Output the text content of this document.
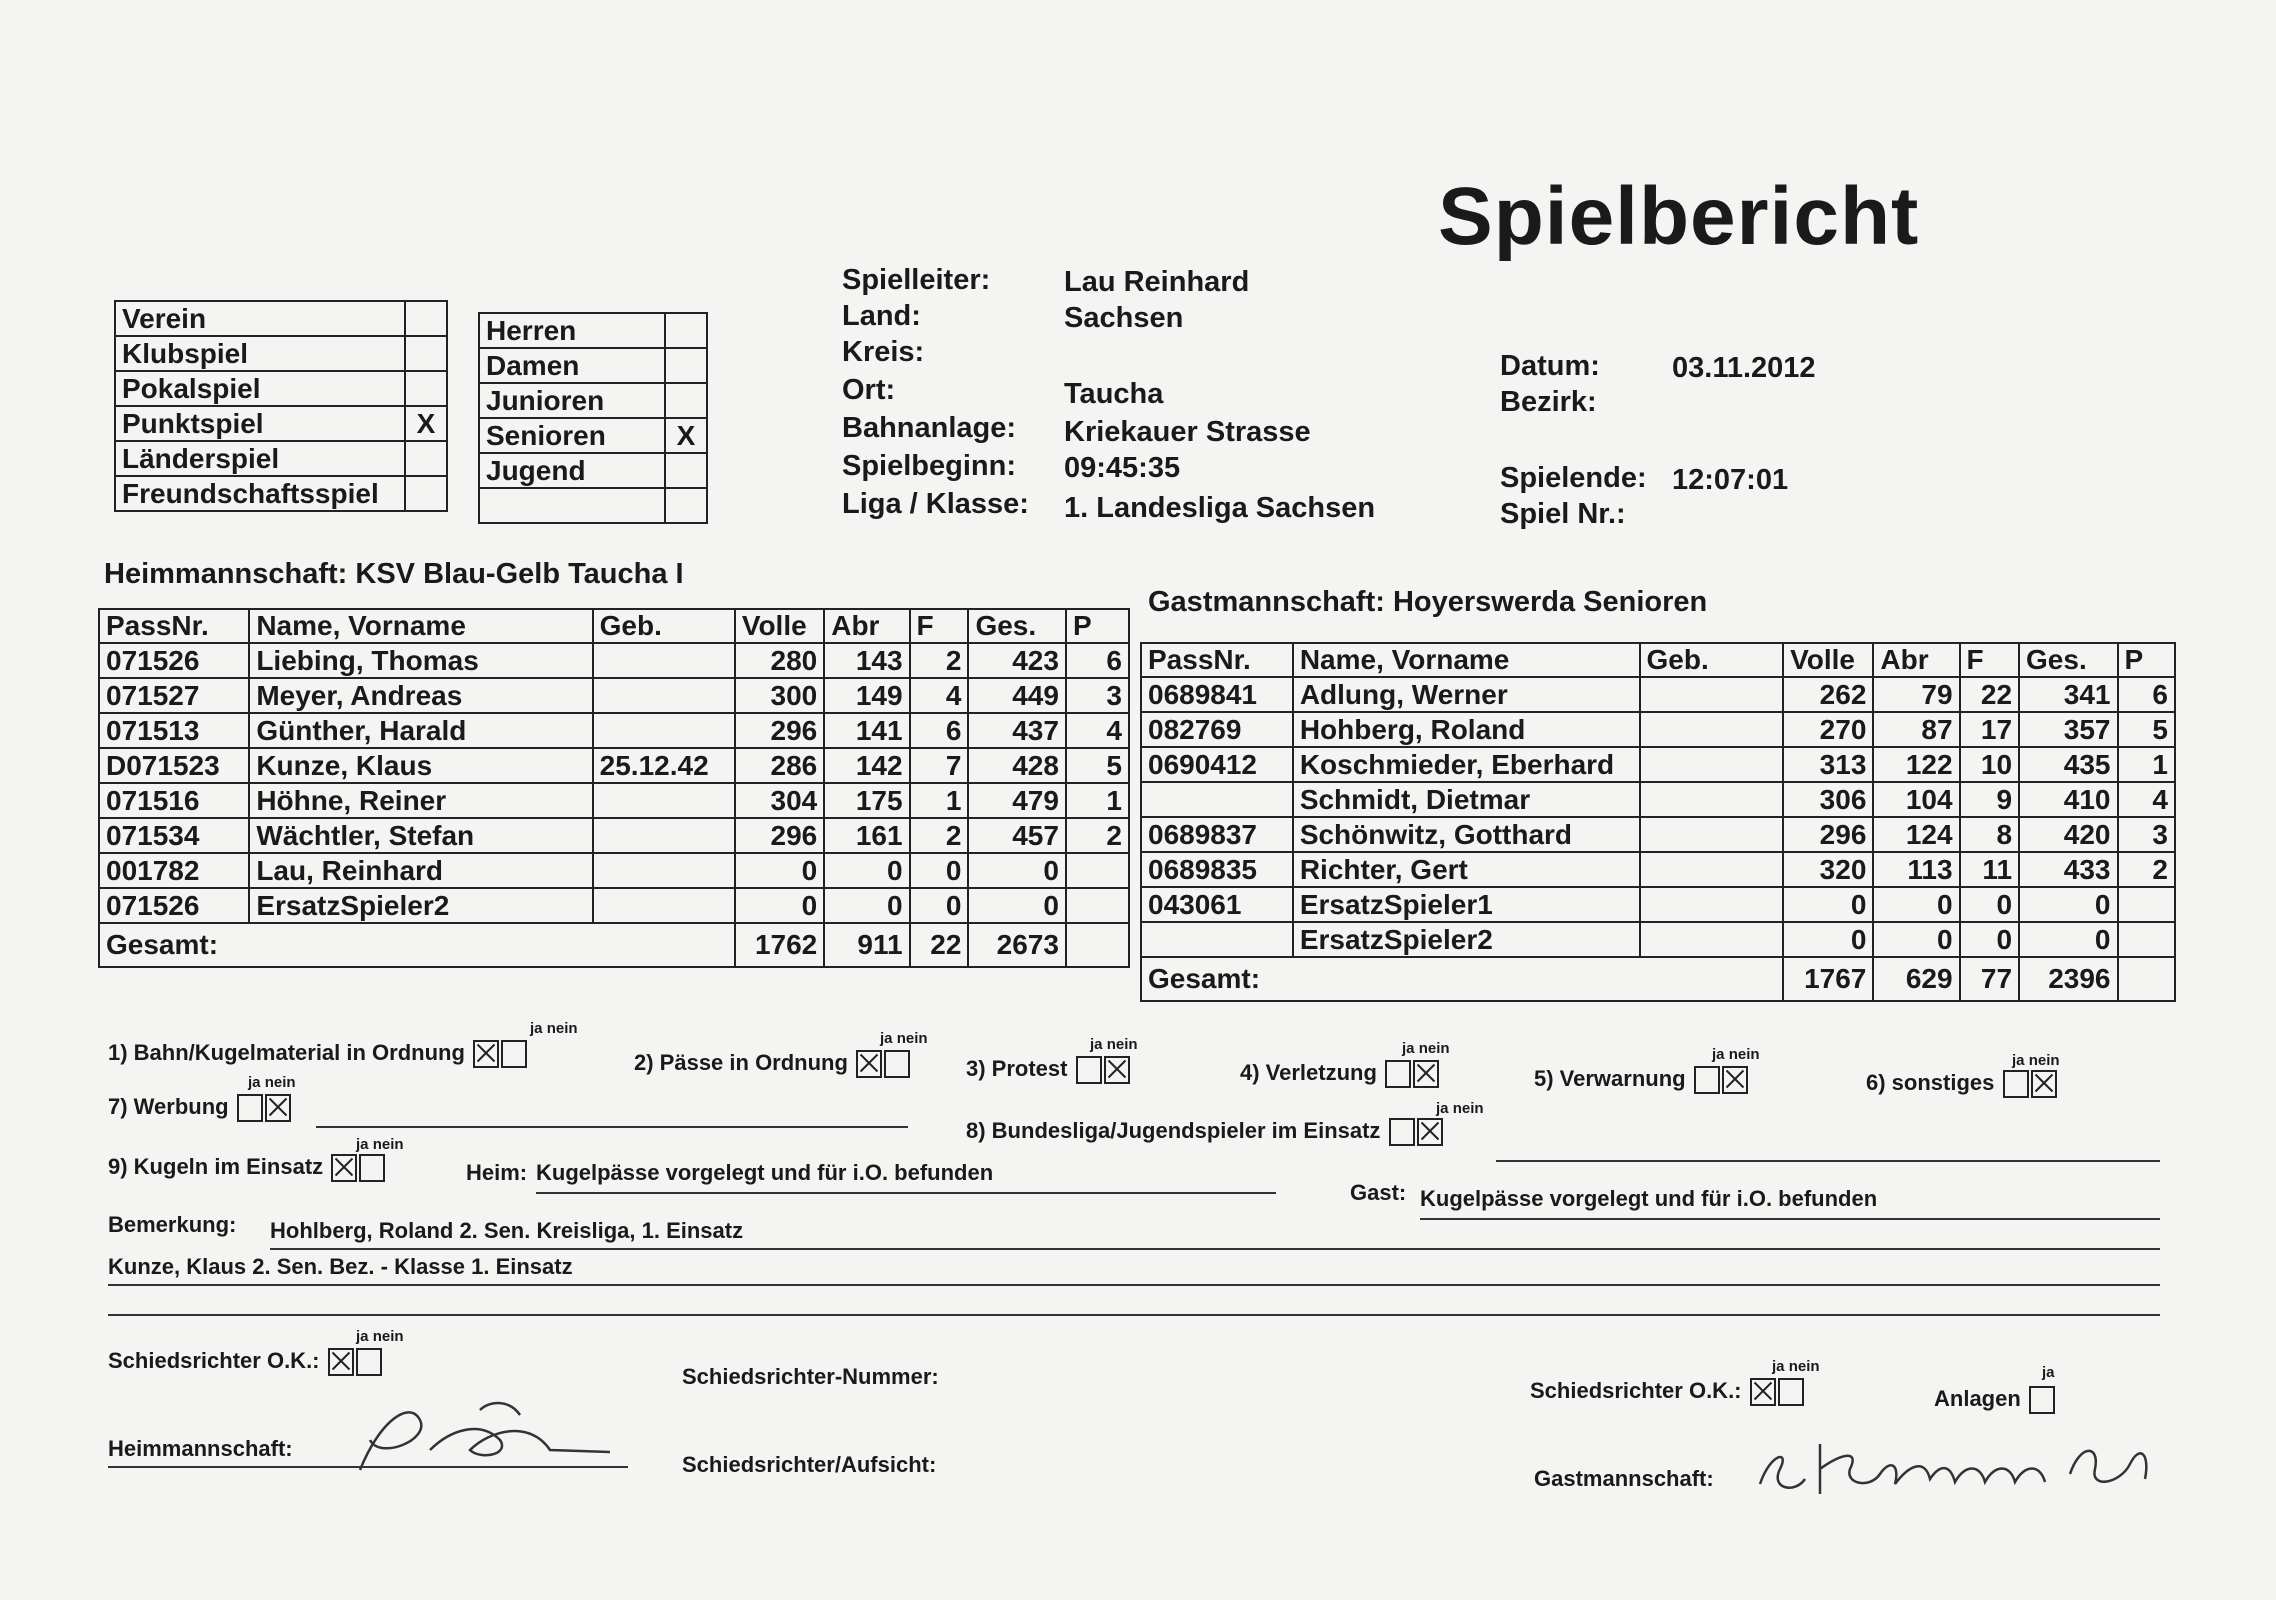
Spielbericht
Verein	
Klubspiel	
Pokalspiel	
Punktspiel	X
Länderspiel	
Freundschaftsspiel	
Herren	
Damen	
Junioren	
Senioren	X
Jugend	

Spielleiter:	Lau Reinhard
Land:	Sachsen
Kreis:
Ort:	Taucha
Bahnanlage: Kriekauer Strasse
Spielbeginn: 09:45:35
Liga / Klasse: 1. Landesliga Sachsen
Datum: 03.11.2012
Bezirk:
Spielende: 12:07:01
Spiel Nr.:
Heimmannschaft: KSV Blau-Gelb Taucha I
Gastmannschaft: Hoyerswerda Senioren
PassNr.	Name, Vorname	Geb.	Volle	Abr	F	Ges.	P
071526	Liebing, Thomas		280	143	2	423	6
071527	Meyer, Andreas		300	149	4	449	3
071513	Günther, Harald		296	141	6	437	4
D071523	Kunze, Klaus	25.12.42	286	142	7	428	5
071516	Höhne, Reiner		304	175	1	479	1
071534	Wächtler, Stefan		296	161	2	457	2
001782	Lau, Reinhard		0	0	0	0	
071526	ErsatzSpieler2		0	0	0	0	
Gesamt:			1762	911	22	2673	
PassNr.	Name, Vorname	Geb.	Volle	Abr	F	Ges.	P
0689841	Adlung, Werner		262	79	22	341	6
082769	Hohberg, Roland		270	87	17	357	5
0690412	Koschmieder, Eberhard		313	122	10	435	1
	Schmidt, Dietmar		306	104	9	410	4
0689837	Schönwitz, Gotthard		296	124	8	420	3
0689835	Richter, Gert		320	113	11	433	2
043061	ErsatzSpieler1		0	0	0	0	
	ErsatzSpieler2		0	0	0	0	
Gesamt:			1767	629	77	2396	
1) Bahn/Kugelmaterial in Ordnung
ja nein
2) Pässe in Ordnung
ja nein
3) Protest
ja nein
4) Verletzung
ja nein
5) Verwarnung
ja nein
6) sonstiges
ja nein
ja nein
7) Werbung	ja nein
8) Bundesliga/Jugendspieler im Einsatz
ja nein
9) Kugeln im Einsatz	Heim: Kugelpässe vorgelegt und für i.O. befunden
Gast: Kugelpässe vorgelegt und für i.O. befunden
Bemerkung: Hohlberg, Roland 2. Sen. Kreisliga, 1. Einsatz
Kunze, Klaus 2. Sen. Bez. - Klasse 1. Einsatz
ja nein
Schiedsrichter O.K.:
Schiedsrichter-Nummer:	ja nein
Schiedsrichter O.K.:
ja
Anlagen
Heimmannschaft:
Schiedsrichter/Aufsicht:
Gastmannschaft:
